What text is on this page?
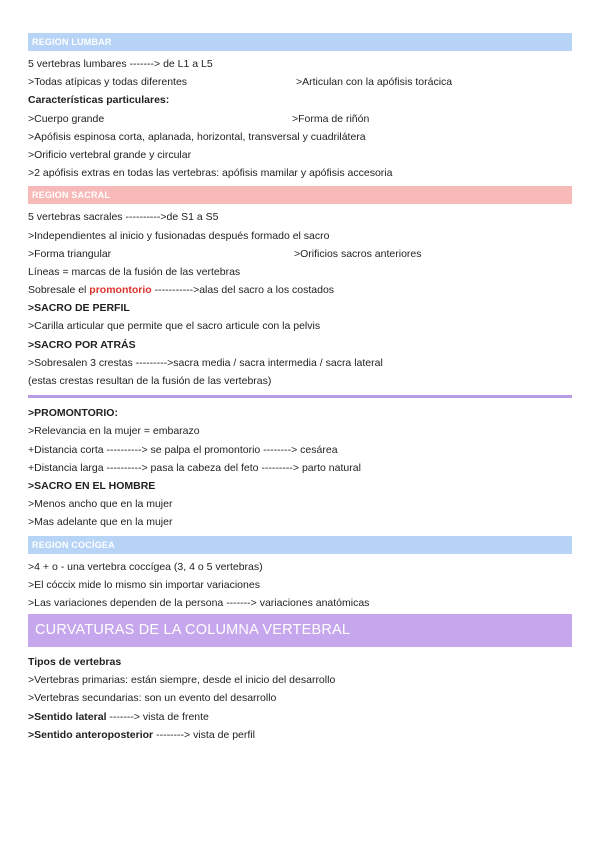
REGION LUMBAR
5 vertebras lumbares -------> de L1 a L5
>Todas atípicas y todas diferentes	>Articulan con la apófisis torácica
Características particulares:
>Cuerpo grande	>Forma de riñón
>Apófisis espinosa corta, aplanada, horizontal, transversal y cuadrilátera
>Orificio vertebral grande y circular
>2 apófisis extras en todas las vertebras: apófisis mamilar y apófisis accesoria
REGION SACRAL
5 vertebras sacrales ---------->de S1 a S5
>Independientes al inicio y fusionadas después formado el sacro
>Forma triangular	>Orificios sacros anteriores
Líneas = marcas de la fusión de las vertebras
Sobresale el promontorio ----------->alas del sacro a los costados
>SACRO DE PERFIL
>Carilla articular que permite que el sacro articule con la pelvis
>SACRO POR ATRÁS
>Sobresalen 3 crestas --------->sacra media / sacra intermedia / sacra lateral
(estas crestas resultan de la fusión de las vertebras)
>PROMONTORIO:
>Relevancia en la mujer = embarazo
+Distancia corta ----------> se palpa el promontorio --------> cesárea
+Distancia larga ----------> pasa la cabeza del feto ---------> parto natural
>SACRO EN EL HOMBRE
>Menos ancho que en la mujer
>Mas adelante que en la mujer
REGION COCÍGEA
>4 + o - una vertebra coccígea (3, 4 o 5 vertebras)
>El cóccix mide lo mismo sin importar variaciones
>Las variaciones dependen de la persona -------> variaciones anatómicas
CURVATURAS DE LA COLUMNA VERTEBRAL
Tipos de vertebras
>Vertebras primarias: están siempre, desde el inicio del desarrollo
>Vertebras secundarias: son un evento del desarrollo
>Sentido lateral -------> vista de frente
>Sentido anteroposterior --------> vista de perfil
